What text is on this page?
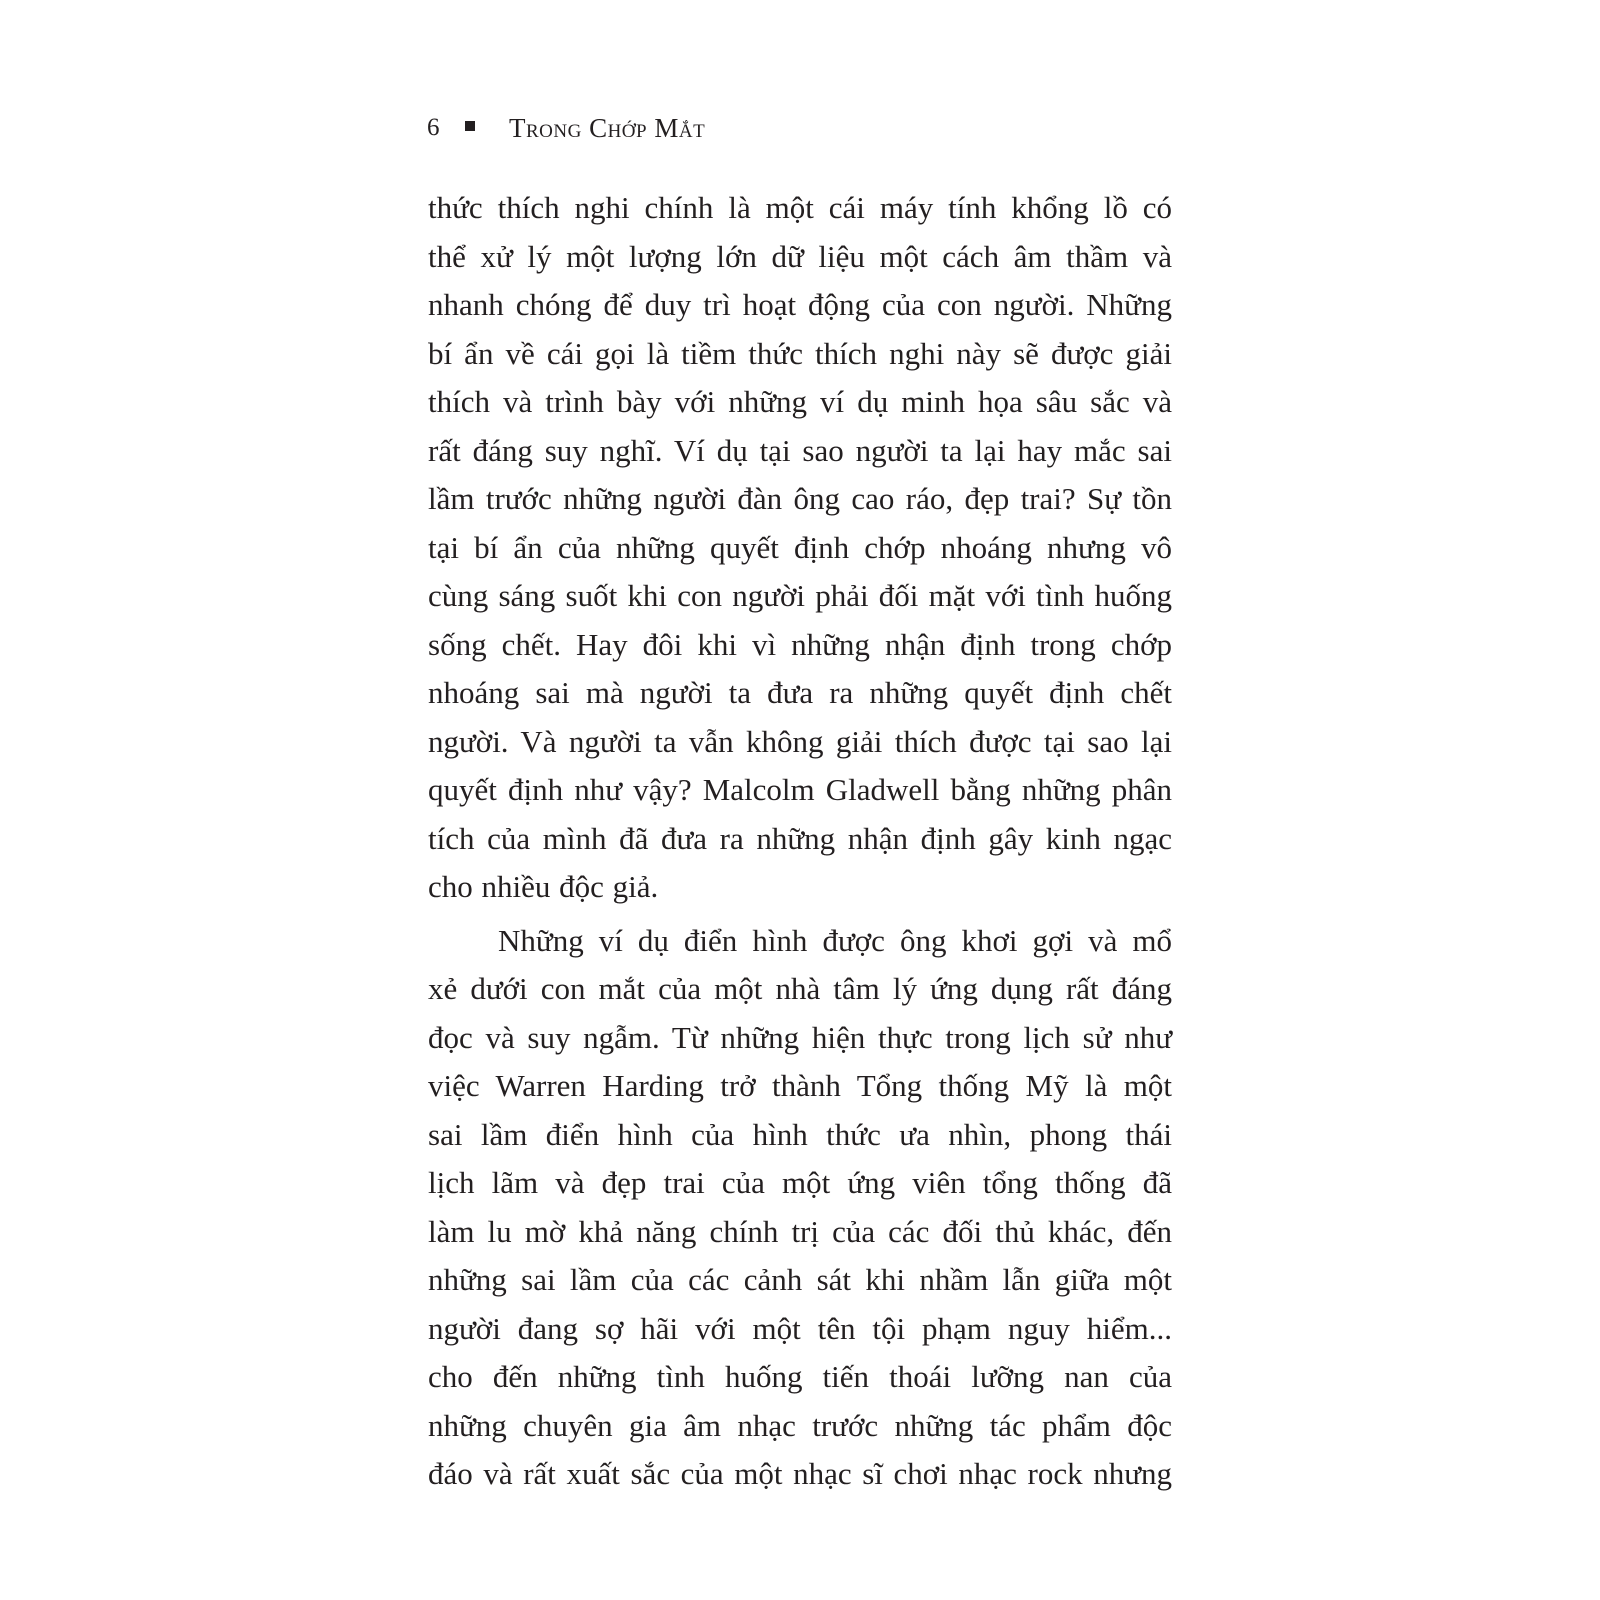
6	Trong Chớp Mắt
thức thích nghi chính là một cái máy tính khổng lồ có
thể xử lý một lượng lớn dữ liệu một cách âm thầm và
nhanh chóng để duy trì hoạt động của con người. Những
bí ẩn về cái gọi là tiềm thức thích nghi này sẽ được giải
thích và trình bày với những ví dụ minh họa sâu sắc và
rất đáng suy nghĩ. Ví dụ tại sao người ta lại hay mắc sai
lầm trước những người đàn ông cao ráo, đẹp trai? Sự tồn
tại bí ẩn của những quyết định chớp nhoáng nhưng vô
cùng sáng suốt khi con người phải đối mặt với tình huống
sống chết. Hay đôi khi vì những nhận định trong chớp
nhoáng sai mà người ta đưa ra những quyết định chết
người. Và người ta vẫn không giải thích được tại sao lại
quyết định như vậy? Malcolm Gladwell bằng những phân
tích của mình đã đưa ra những nhận định gây kinh ngạc
cho nhiều độc giả.
Những ví dụ điển hình được ông khơi gợi và mổ
xẻ dưới con mắt của một nhà tâm lý ứng dụng rất đáng
đọc và suy ngẫm. Từ những hiện thực trong lịch sử như
việc Warren Harding trở thành Tổng thống Mỹ là một
sai lầm điển hình của hình thức ưa nhìn, phong thái
lịch lãm và đẹp trai của một ứng viên tổng thống đã
làm lu mờ khả năng chính trị của các đối thủ khác, đến
những sai lầm của các cảnh sát khi nhầm lẫn giữa một
người đang sợ hãi với một tên tội phạm nguy hiểm...
cho đến những tình huống tiến thoái lưỡng nan của
những chuyên gia âm nhạc trước những tác phẩm độc
đáo và rất xuất sắc của một nhạc sĩ chơi nhạc rock nhưng
